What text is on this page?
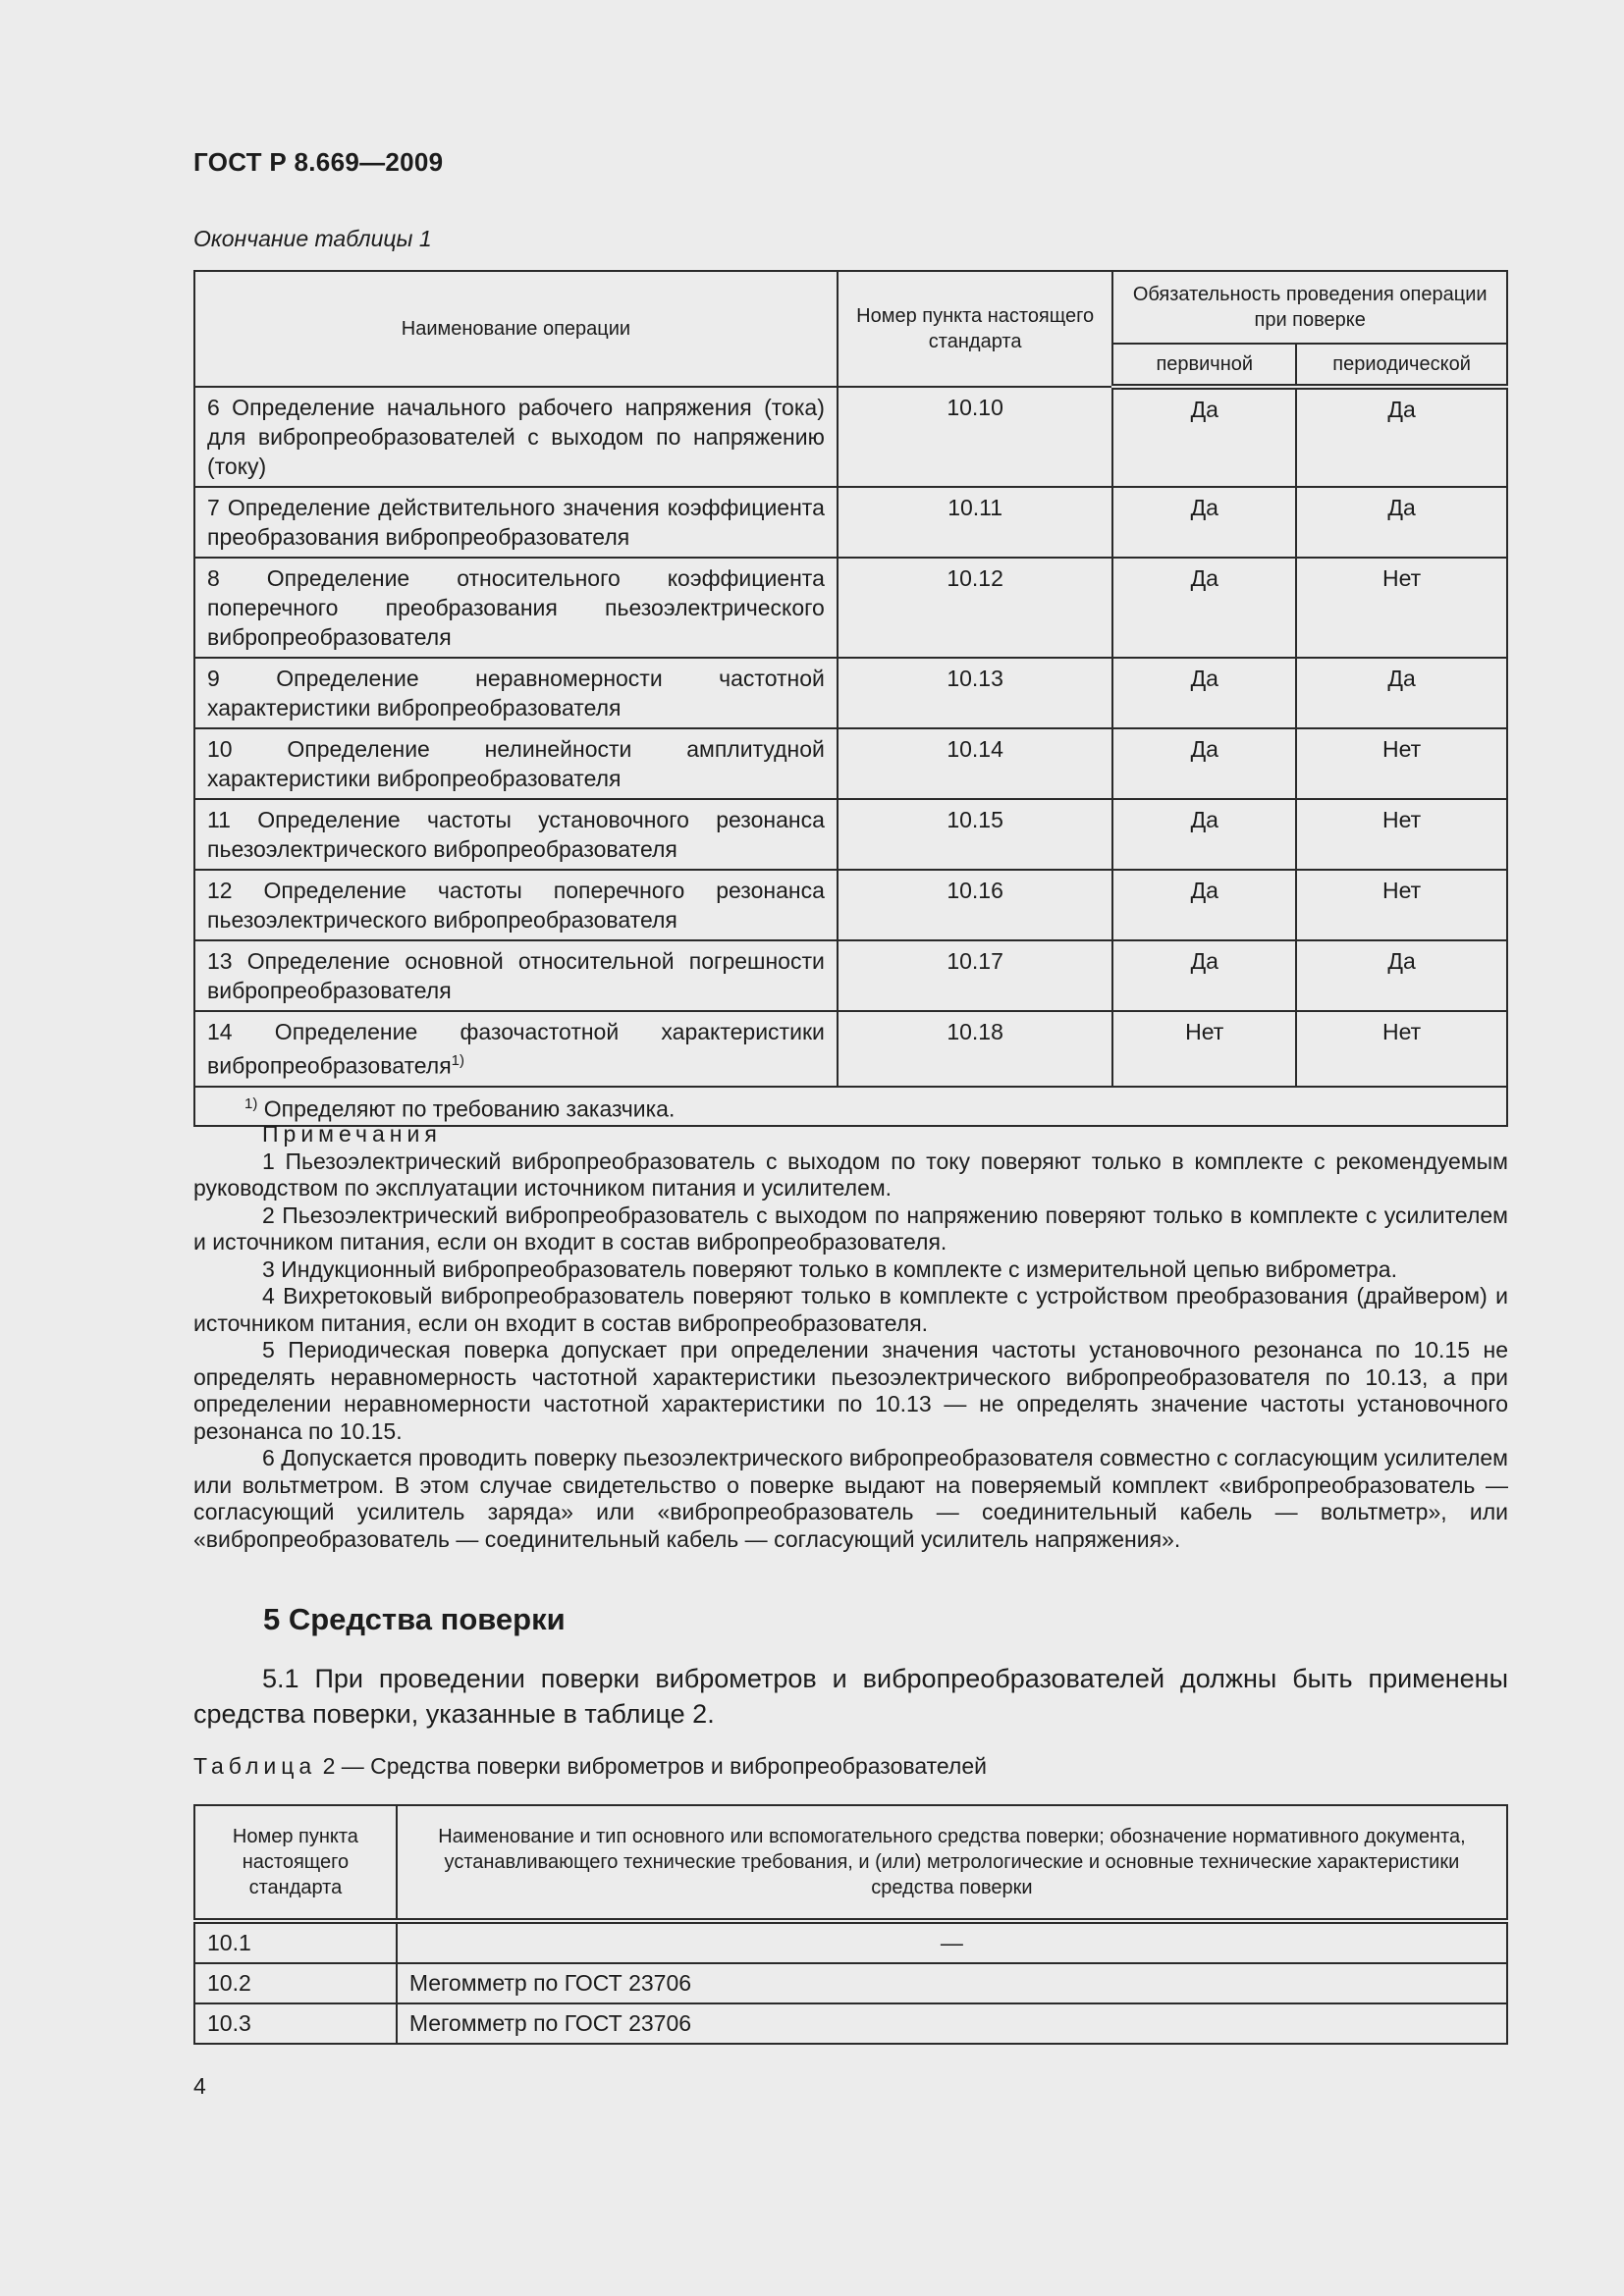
ГОСТ Р 8.669—2009
Окончание таблицы 1
Наименование операции	Номер пункта настоящего стандарта	Обязательность проведения операции при поверке	
		первичной	периодической
6 Определение начального рабочего напряжения (тока) для вибропреобразователей с выходом по напряжению (току)	10.10	Да	Да
7 Определение действительного значения коэффициента преобразования вибропреобразователя	10.11	Да	Да
8 Определение относительного коэффициента поперечного преобразования пьезоэлектрического вибропреобразователя	10.12	Да	Нет
9 Определение неравномерности частотной характеристики вибропреобразователя	10.13	Да	Да
10 Определение нелинейности амплитудной характеристики вибропреобразователя	10.14	Да	Нет
11 Определение частоты установочного резонанса пьезоэлектрического вибропреобразователя	10.15	Да	Нет
12 Определение частоты поперечного резонанса пьезоэлектрического вибропреобразователя	10.16	Да	Нет
13 Определение основной относительной погрешности вибропреобразователя	10.17	Да	Да
14 Определение фазочастотной характеристики вибропреобразователя$^{1)}$	10.18	Нет	Нет
$^{1)}$ Определяют по требованию заказчика.			

Примечания

1 Пьезоэлектрический вибропреобразователь с выходом по току поверяют только в комплекте с рекомендуемым руководством по эксплуатации источником питания и усилителем.

2 Пьезоэлектрический вибропреобразователь с выходом по напряжению поверяют только в комплекте с усилителем и источником питания, если он входит в состав вибропреобразователя.

3 Индукционный вибропреобразователь поверяют только в комплекте с измерительной цепью виброметра.

4 Вихретоковый вибропреобразователь поверяют только в комплекте с устройством преобразования (драйвером) и источником питания, если он входит в состав вибропреобразователя.

5 Периодическая поверка допускает при определении значения частоты установочного резонанса по 10.15 не определять неравномерность частотной характеристики пьезоэлектрического вибропреобразователя по 10.13, а при определении неравномерности частотной характеристики по 10.13 — не определять значение частоты установочного резонанса по 10.15.

6 Допускается проводить поверку пьезоэлектрического вибропреобразователя совместно с согласующим усилителем или вольтметром. В этом случае свидетельство о поверке выдают на поверяемый комплект «вибропреобразователь — согласующий усилитель заряда» или «вибропреобразователь — соединительный кабель — вольтметр», или «вибропреобразователь — соединительный кабель — согласующий усилитель напряжения».

5 Средства поверки
5.1 При проведении поверки виброметров и вибропреобразователей должны быть применены средства поверки, указанные в таблице 2.
Таблица 2 — Средства поверки виброметров и вибропреобразователей
Номер пункта настоящего стандарта	Наименование и тип основного или вспомогательного средства поверки; обозначение нормативного документа, устанавливающего технические требования, и (или) метрологические и основные технические характеристики средства поверки
10.1	—
10.2	Мегомметр по ГОСТ 23706
10.3	Мегомметр по ГОСТ 23706
4
